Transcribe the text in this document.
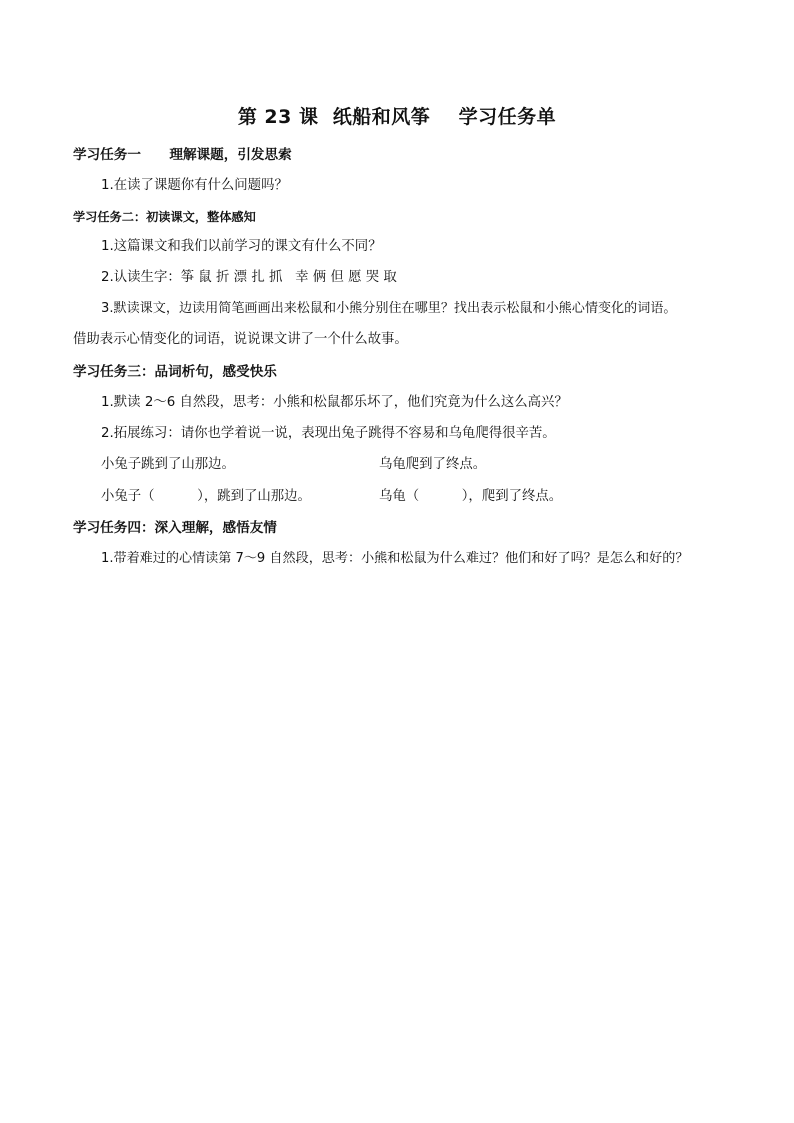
第 23 课  纸船和风筝    学习任务单
学习任务一      理解课题，引发思索
1.在读了课题你有什么问题吗？
学习任务二：初读课文，整体感知
1.这篇课文和我们以前学习的课文有什么不同？
2.认读生字：筝 鼠 折 漂 扎 抓   幸 俩 但 愿 哭 取
3.默读课文，边读用简笔画画出来松鼠和小熊分别住在哪里？找出表示松鼠和小熊心情变化的词语。
借助表示心情变化的词语，说说课文讲了一个什么故事。
学习任务三：品词析句，感受快乐
1.默读 2～6 自然段，思考：小熊和松鼠都乐坏了，他们究竟为什么这么高兴？
2.拓展练习：请你也学着说一说，表现出兔子跳得不容易和乌龟爬得很辛苦。
小兔子跳到了山那边。	乌龟爬到了终点。
小兔子（          ），跳到了山那边。	乌龟（          ），爬到了终点。
学习任务四：深入理解，感悟友情
1.带着难过的心情读第 7～9 自然段，思考：小熊和松鼠为什么难过？他们和好了吗？是怎么和好的？
